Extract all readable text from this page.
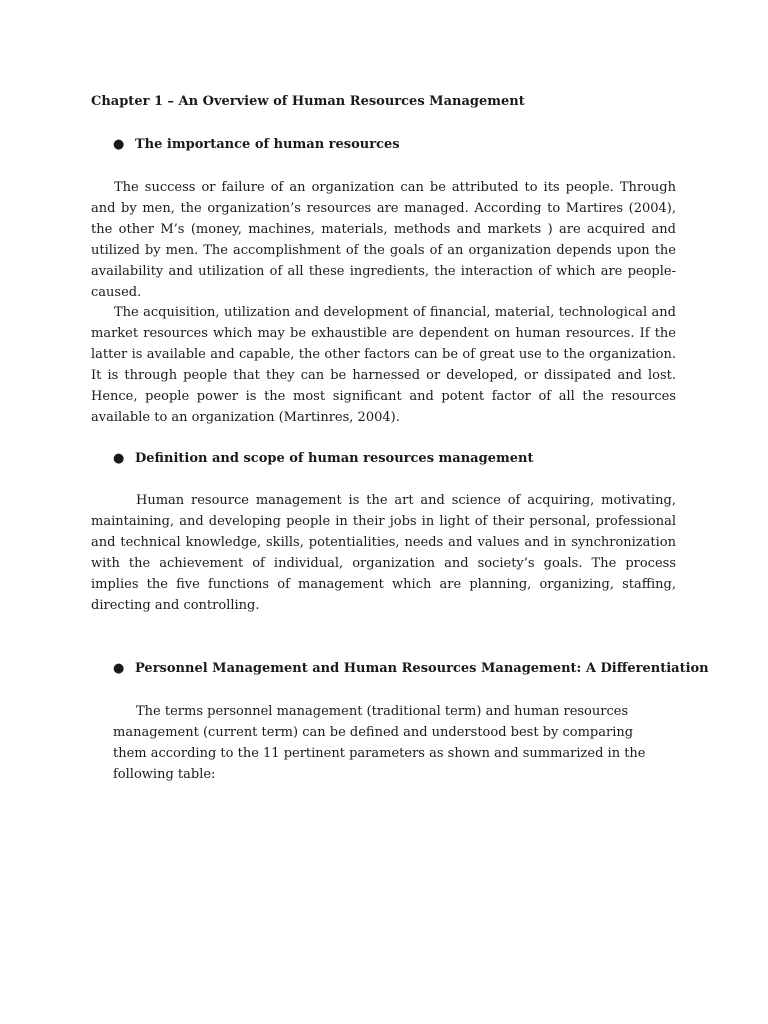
Chapter 1 – An Overview of Human Resources Management
● The importance of human resources

The success or failure of an organization can be attributed to its people. Through and by men, the organization’s resources are managed. According to Martires (2004), the other M’s (money, machines, materials, methods and markets ) are acquired and utilized by men. The accomplishment of the goals of an organization depends upon the availability and utilization of all these ingredients, the interaction of which are people-caused.

The acquisition, utilization and development of financial, material, technological and market resources which may be exhaustible are dependent on human resources. If the latter is available and capable, the other factors can be of great use to the organization. It is through people that they can be harnessed or developed, or dissipated and lost. Hence, people power is the most significant and potent factor of all the resources available to an organization (Martinres, 2004).

● Definition and scope of human resources management

Human resource management is the art and science of acquiring, motivating, maintaining, and developing people in their jobs in light of their personal, professional and technical knowledge, skills, potentialities, needs and values and in synchronization with the achievement of individual, organization and society’s goals. The process implies the five functions of management which are planning, organizing, staffing, directing and controlling.

● Personnel Management and Human Resources Management: A Differentiation

The terms personnel management (traditional term) and human resources management (current term) can be defined and understood best by comparing them according to the 11 pertinent parameters as shown and summarized in the following table:
